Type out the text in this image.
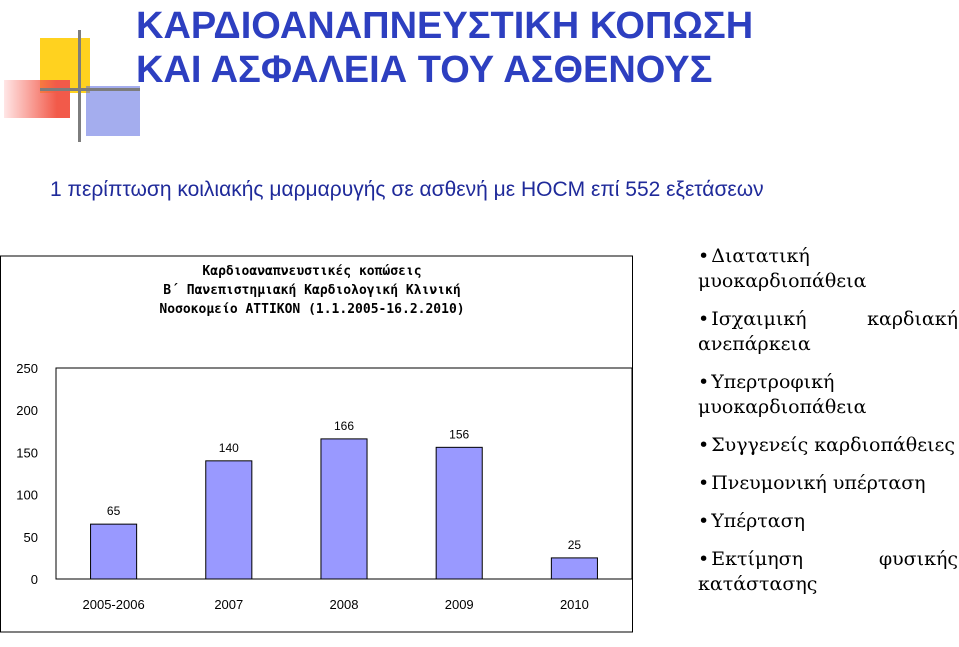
ΚΑΡΔΙΟΑΝΑΠΝΕΥΣΤΙΚΗ ΚΟΠΩΣΗ
ΚΑΙ ΑΣΦΑΛΕΙΑ ΤΟΥ ΑΣΘΕΝΟΥΣ
1 περίπτωση κοιλιακής μαρμαρυγής σε ασθενή με HOCM επί 552 εξετάσεων
0
50
100
150
200
250
65
2005-2006
140
2007
166
2008
156
2009
25
2010
Καρδιοαναπνευστικές κοπώσεις
Β΄ Πανεπιστημιακή Καρδιολογική Κλινική
Νοσοκομείο ΑΤΤΙΚΟΝ (1.1.2005-16.2.2010)
• Διατατική μυοκαρδιοπάθεια
• Ισχαιμική καρδιακή ανεπάρκεια
• Υπερτροφική μυοκαρδιοπάθεια
• Συγγενείς καρδιοπάθειες
• Πνευμονική υπέρταση
• Υπέρταση
• Εκτίμηση φυσικής κατάστασης
